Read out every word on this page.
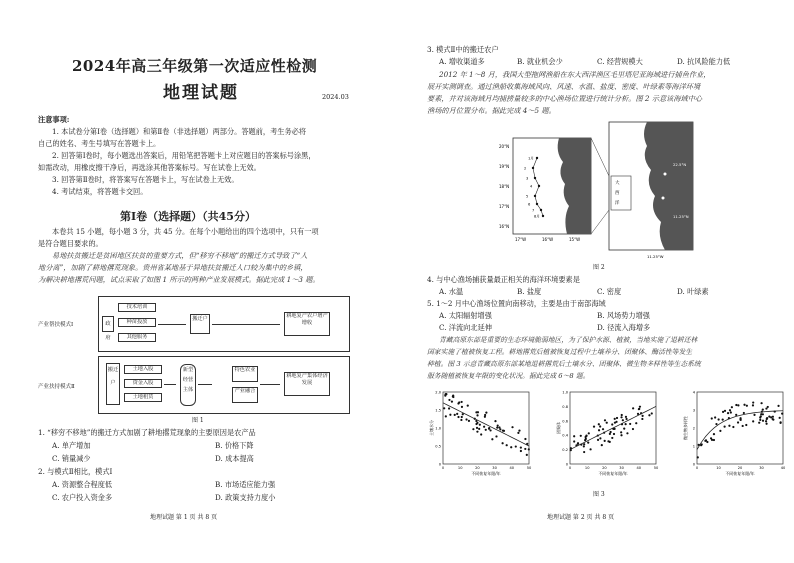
2024年高三年级第一次适应性检测
地理试题	2024.03
注意事项:
1. 本试卷分第Ⅰ卷（选择题）和第Ⅱ卷（非选择题）两部分。答题前，考生务必将
自己的姓名、考生号填写在答题卡上。
2. 回答第Ⅰ卷时，每小题选出答案后，用铅笔把答题卡上对应题目的答案标号涂黑，
如需改动，用橡皮擦干净后，再选涂其他答案标号。写在试卷上无效。
3. 回答第Ⅱ卷时，将答案写在答题卡上，写在试卷上无效。
4. 考试结束，将答题卡交回。
第Ⅰ卷（选择题）（共45分）
本卷共 15 小题，每小题 3 分，共 45 分。在每个小题给出的四个选项中，只有一项
是符合题目要求的。
易地扶贫搬迁是贫困地区扶贫的重要方式，但“移穷不移地”的搬迁方式导致了“人
地分离”，加剧了耕地撂荒现象。贵州省某地基于异地扶贫搬迁人口较为集中的乡镇，
为解决耕地撂荒问题，试点采取了如图 1 所示的两种产业发展模式。据此完成 1～3 题。
产业帮扶模式Ⅰ
技术培训
种苗投放
其他服务
政府
搬迁户	耕地复产农户增产增收
产业扶持模式Ⅱ
搬迁户
土地入股
资金入股
土地租赁
新型经营主体
特色农业
产业融合
耕地复产集体经济发展
图 1
1. “移穷不移地”的搬迁方式加剧了耕地撂荒现象的主要原因是农产品
A. 单产增加	B. 价格下降
C. 销量减少	D. 成本提高
2. 与模式Ⅱ相比，模式Ⅰ
A. 资源整合程度低	B. 市场适应能力强
C. 农户投入资金多	D. 政策支持力度小
地理试题 第 1 页 共 8 页
3. 模式Ⅱ中的搬迁农户
A. 增收渠道多	B. 就业机会少	C. 经营规模大	D. 抗风险能力低
2012 年 1～8 月，我国大型拖网渔船在东大西洋渔区毛里塔尼亚海域进行捕鱼作业，
展开实测调查。通过渔船收集海域风向、风速、水温、盐度、密度、叶绿素等海洋环境
要素，并对该海域月均捕捞量较多的中心渔场位置进行统计分析。图 2 示意该海域中心
渔场的月位置分布。据此完成 4～5 题。
1月
2
3
4
5
6
7
8月
20°N
19°N
18°N
17°N
16°N
17°W	16°W	15°W
大
西
洋
22.5°N
11.25°N
11.25°W
图 2
4. 与中心渔场捕获量最正相关的海洋环境要素是
A. 水温	B. 盐度	C. 密度	D. 叶绿素
5. 1～2 月中心渔场位置向南移动，主要是由于南部海域
A. 太阳辐射增强	B. 风场势力增强
C. 洋流向北延伸	D. 径流入海增多
青藏高原东部是重要的生态环境脆弱地区，为了保护水源、植被，当地实施了退耕还林
国家实施了植被恢复工程。耕地撂荒后植被恢复过程中土壤养分、团聚体、酶活性等发生
种植。图 3 示意青藏高原东部某地退耕撂荒后土壤水分、团聚体、微生物多样性等生态系统
服务随植被恢复年限的变化状况。据此完成 6～8 题。
0
0.5
1.0
1.5
2.0
0	10	20	30	40	50
不同恢复年限/年
土壤水分
0
0.2
0.4
0.6
0.8
1.0
0	10	20	30	40	50
不同恢复年限/年
团聚体
0
1
2
3
4
0	10	20	30	40
不同恢复年限/年
微生物多样性
图 3
地理试题 第 2 页 共 8 页
